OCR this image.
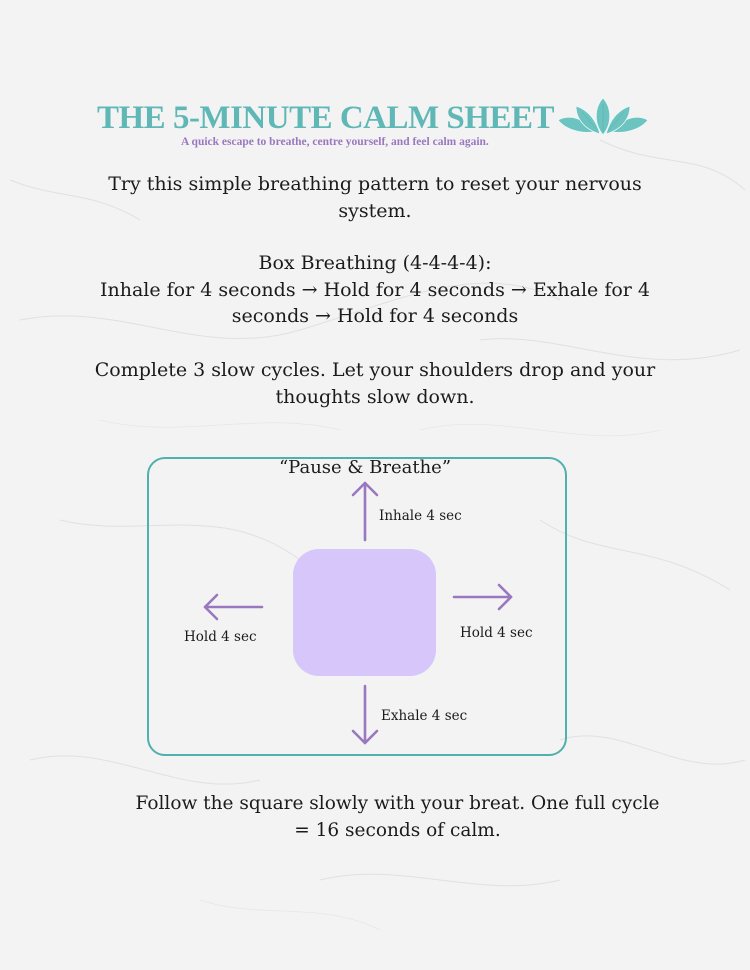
THE 5-MINUTE CALM SHEET
A quick escape to breathe, centre yourself, and feel calm again.

Try this simple breathing pattern to reset your nervous system.

Box Breathing (4-4-4-4):

Inhale for 4 seconds → Hold for 4 seconds → Exhale for 4 seconds → Hold for 4 seconds

Complete 3 slow cycles. Let your shoulders drop and your thoughts slow down.

“Pause & Breathe”
Inhale 4 sec
Hold 4 sec
Exhale 4 sec
Hold 4 sec
Follow the square slowly with your breat. One full cycle = 16 seconds of calm.
